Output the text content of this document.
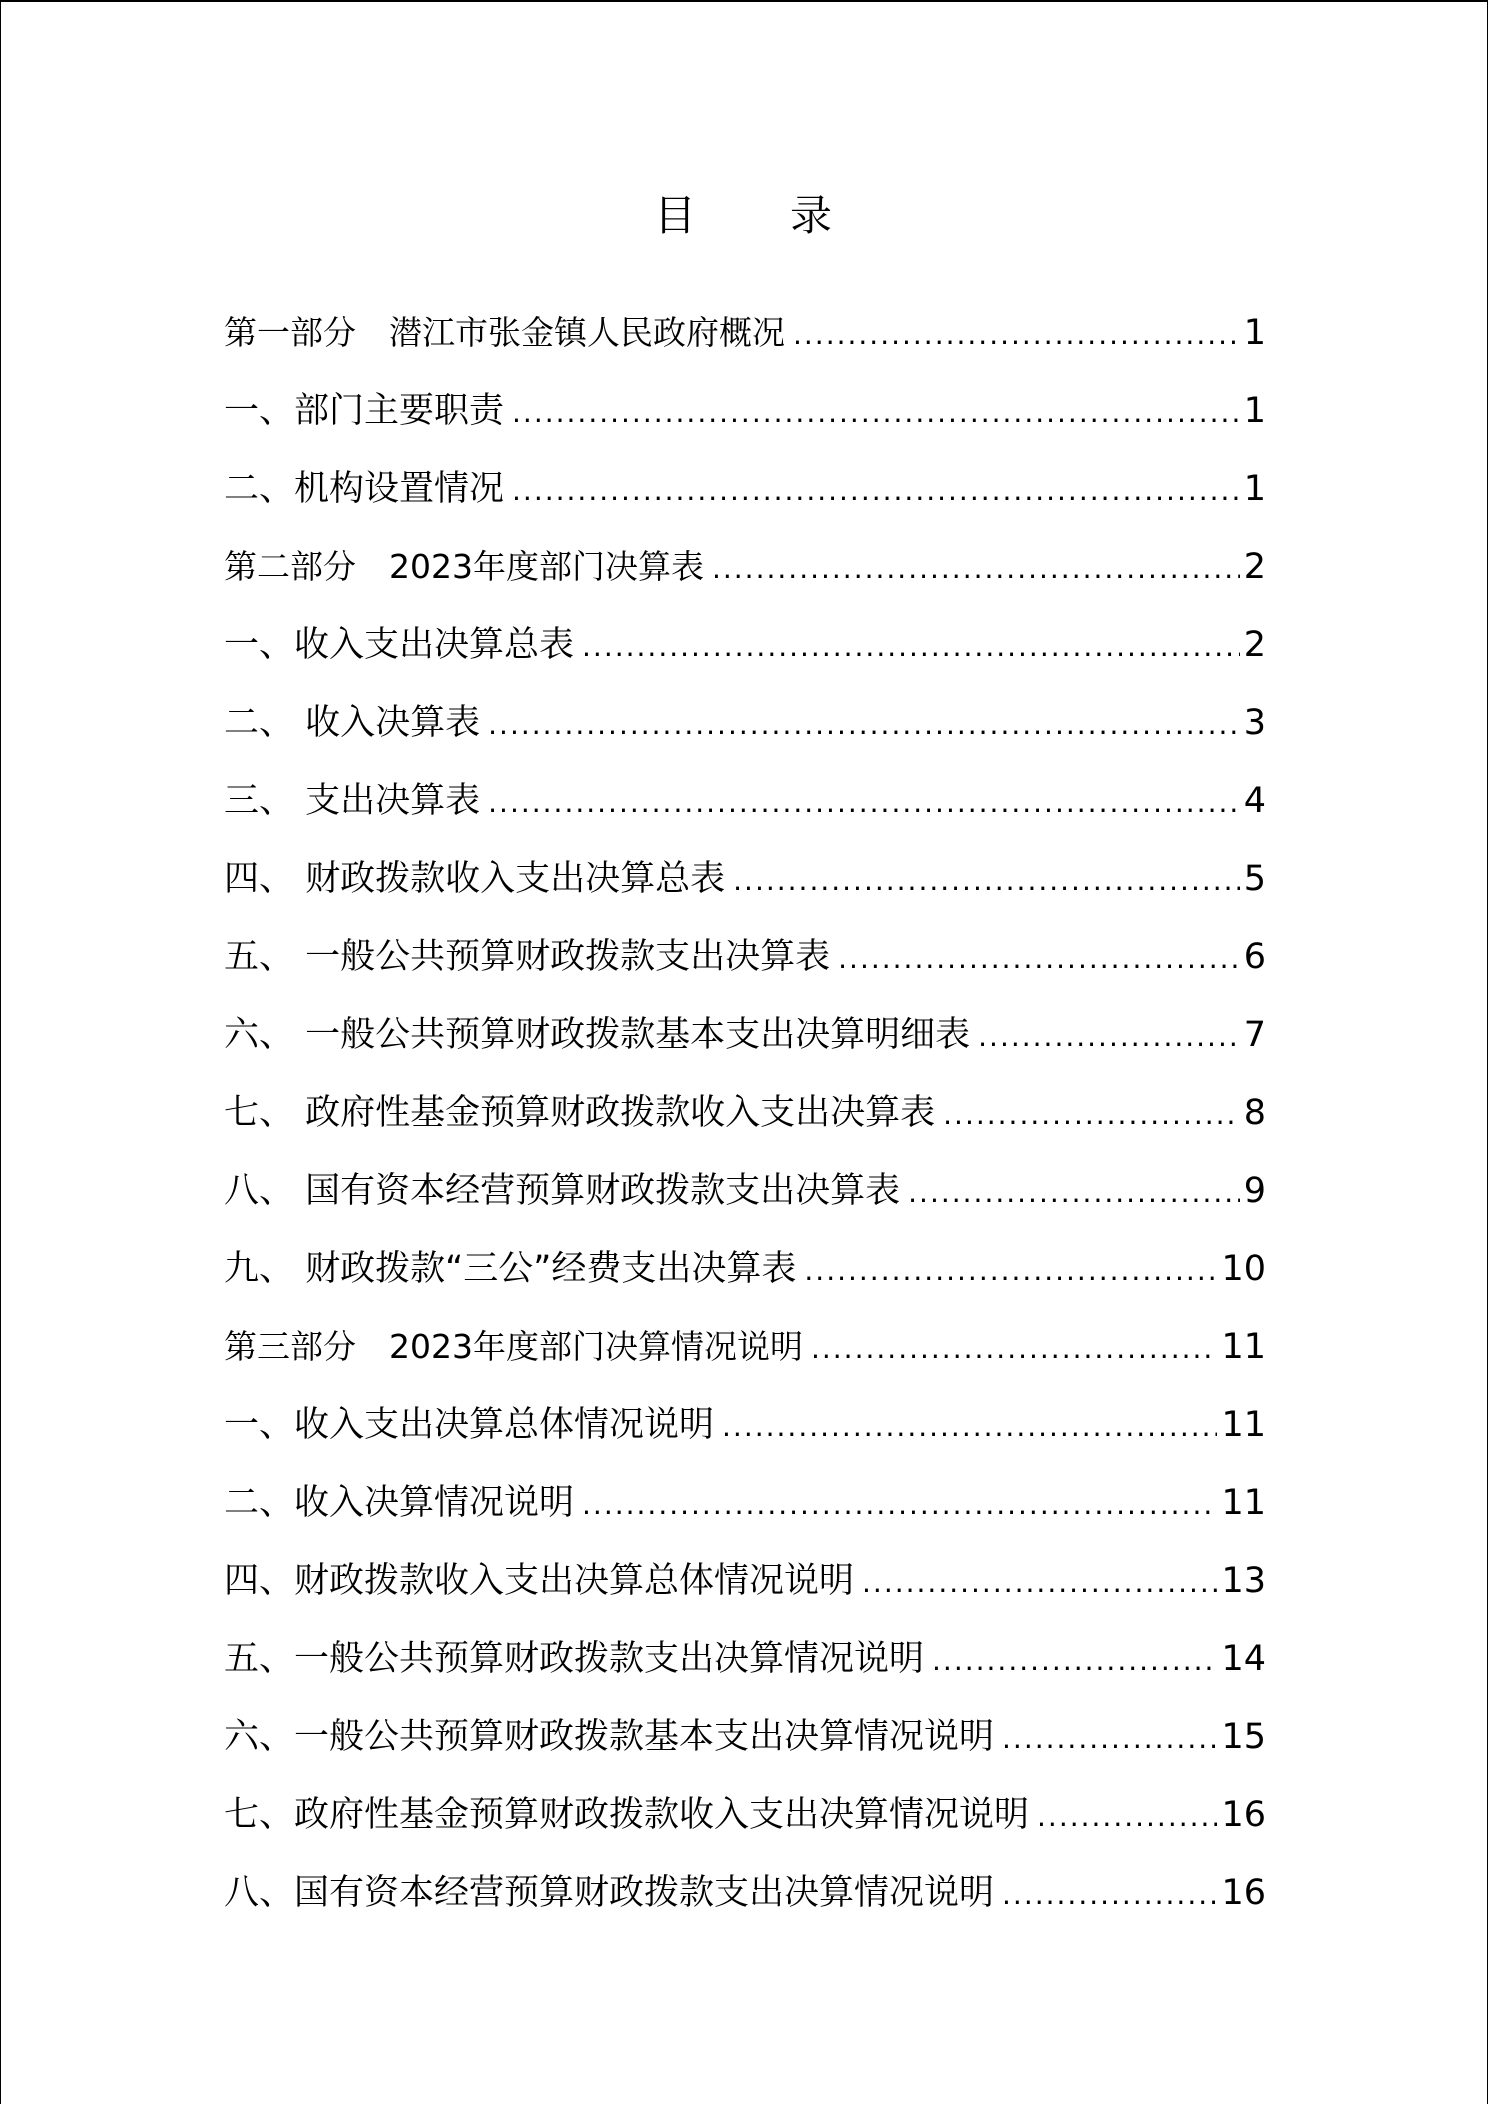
目 录
第一部分　潜江市张金镇人民政府概况 .....	1
一、部门主要职责 .....	1
二、机构设置情况 .....	1
第二部分　2023年度部门决算表 .....	2
一、收入支出决算总表 .....	2
二、 收入决算表 .....	3
三、 支出决算表 .....	4
四、 财政拨款收入支出决算总表 .....	5
五、 一般公共预算财政拨款支出决算表 .....	6
六、 一般公共预算财政拨款基本支出决算明细表 .....	7
七、 政府性基金预算财政拨款收入支出决算表 .....	8
八、 国有资本经营预算财政拨款支出决算表 .....	9
九、 财政拨款“三公”经费支出决算表 .....	10
第三部分　2023年度部门决算情况说明 .....	11
一、收入支出决算总体情况说明 .....	11
二、收入决算情况说明 .....	11
四、财政拨款收入支出决算总体情况说明 .....	13
五、一般公共预算财政拨款支出决算情况说明 .....	14
六、一般公共预算财政拨款基本支出决算情况说明 .....	15
七、政府性基金预算财政拨款收入支出决算情况说明 .....	16
八、国有资本经营预算财政拨款支出决算情况说明 .....	16
